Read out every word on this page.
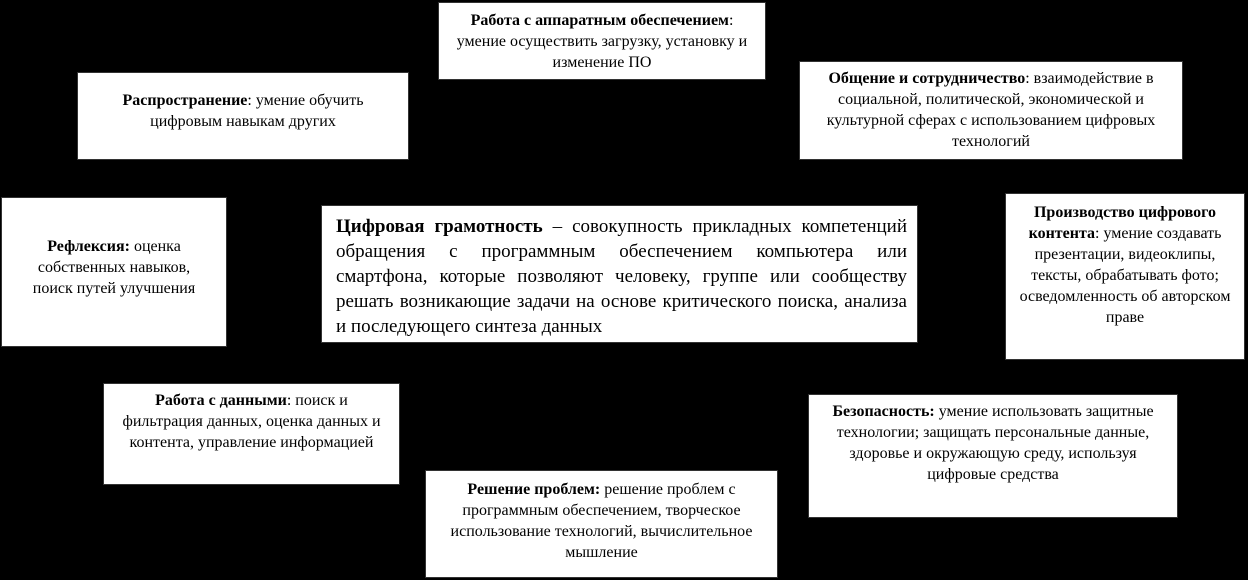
Работа с аппаратным обеспечением: умение осуществить загрузку, установку и изменение ПО
Распространение: умение обучить цифровым навыкам других
Общение и сотрудничество: взаимодействие в социальной, политической, экономической и культурной сферах с использованием цифровых технологий
Рефлексия: оценка собственных навыков, поиск путей улучшения
Цифровая грамотность – совокупность прикладных компетенций обращения с программным обеспечением компьютера или смартфона, которые позволяют человеку, группе или сообществу решать возникающие задачи на основе критического поиска, анализа и последующего синтеза данных
Производство цифрового контента: умение создавать презентации, видеоклипы, тексты, обрабатывать фото; осведомленность об авторском праве
Работа с данными: поиск и фильтрация данных, оценка данных и контента, управление информацией
Безопасность: умение использовать защитные технологии; защищать персональные данные, здоровье и окружающую среду, используя цифровые средства
Решение проблем: решение проблем с программным обеспечением, творческое использование технологий, вычислительное мышление
